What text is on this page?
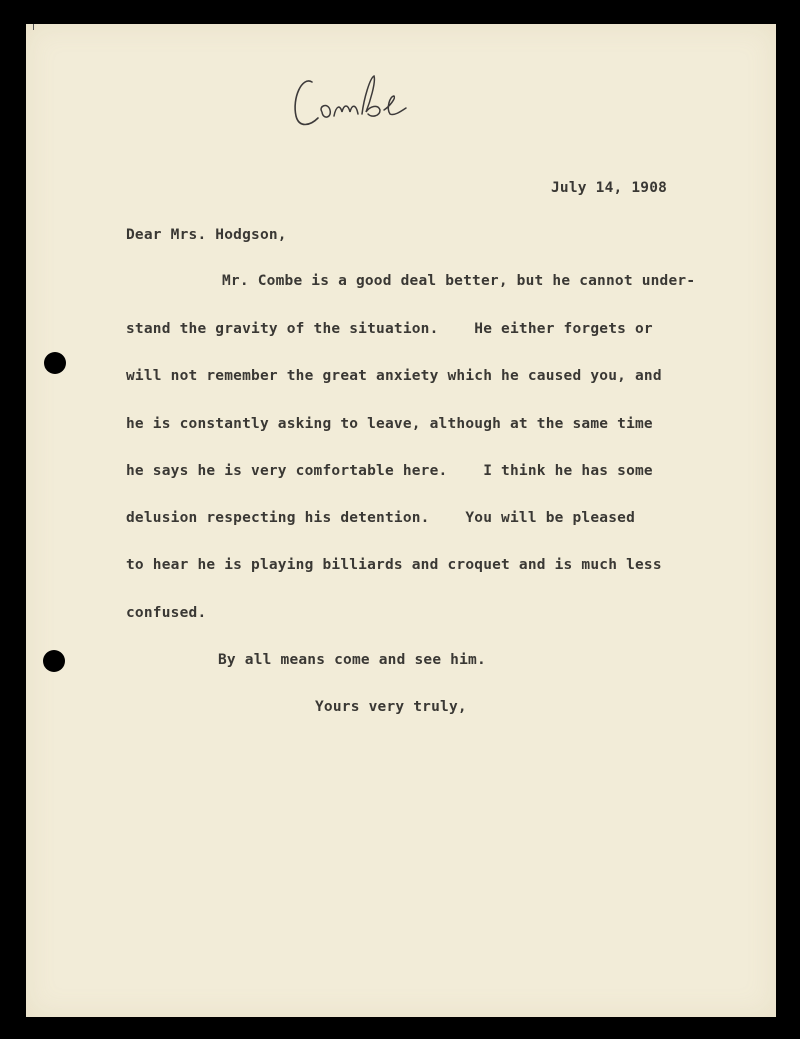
July 14, 1908
Dear Mrs. Hodgson,
Mr. Combe is a good deal better, but he cannot under-
stand the gravity of the situation.    He either forgets or
will not remember the great anxiety which he caused you, and
he is constantly asking to leave, although at the same time
he says he is very comfortable here.    I think he has some
delusion respecting his detention.    You will be pleased
to hear he is playing billiards and croquet and is much less
confused.
By all means come and see him.
Yours very truly,
